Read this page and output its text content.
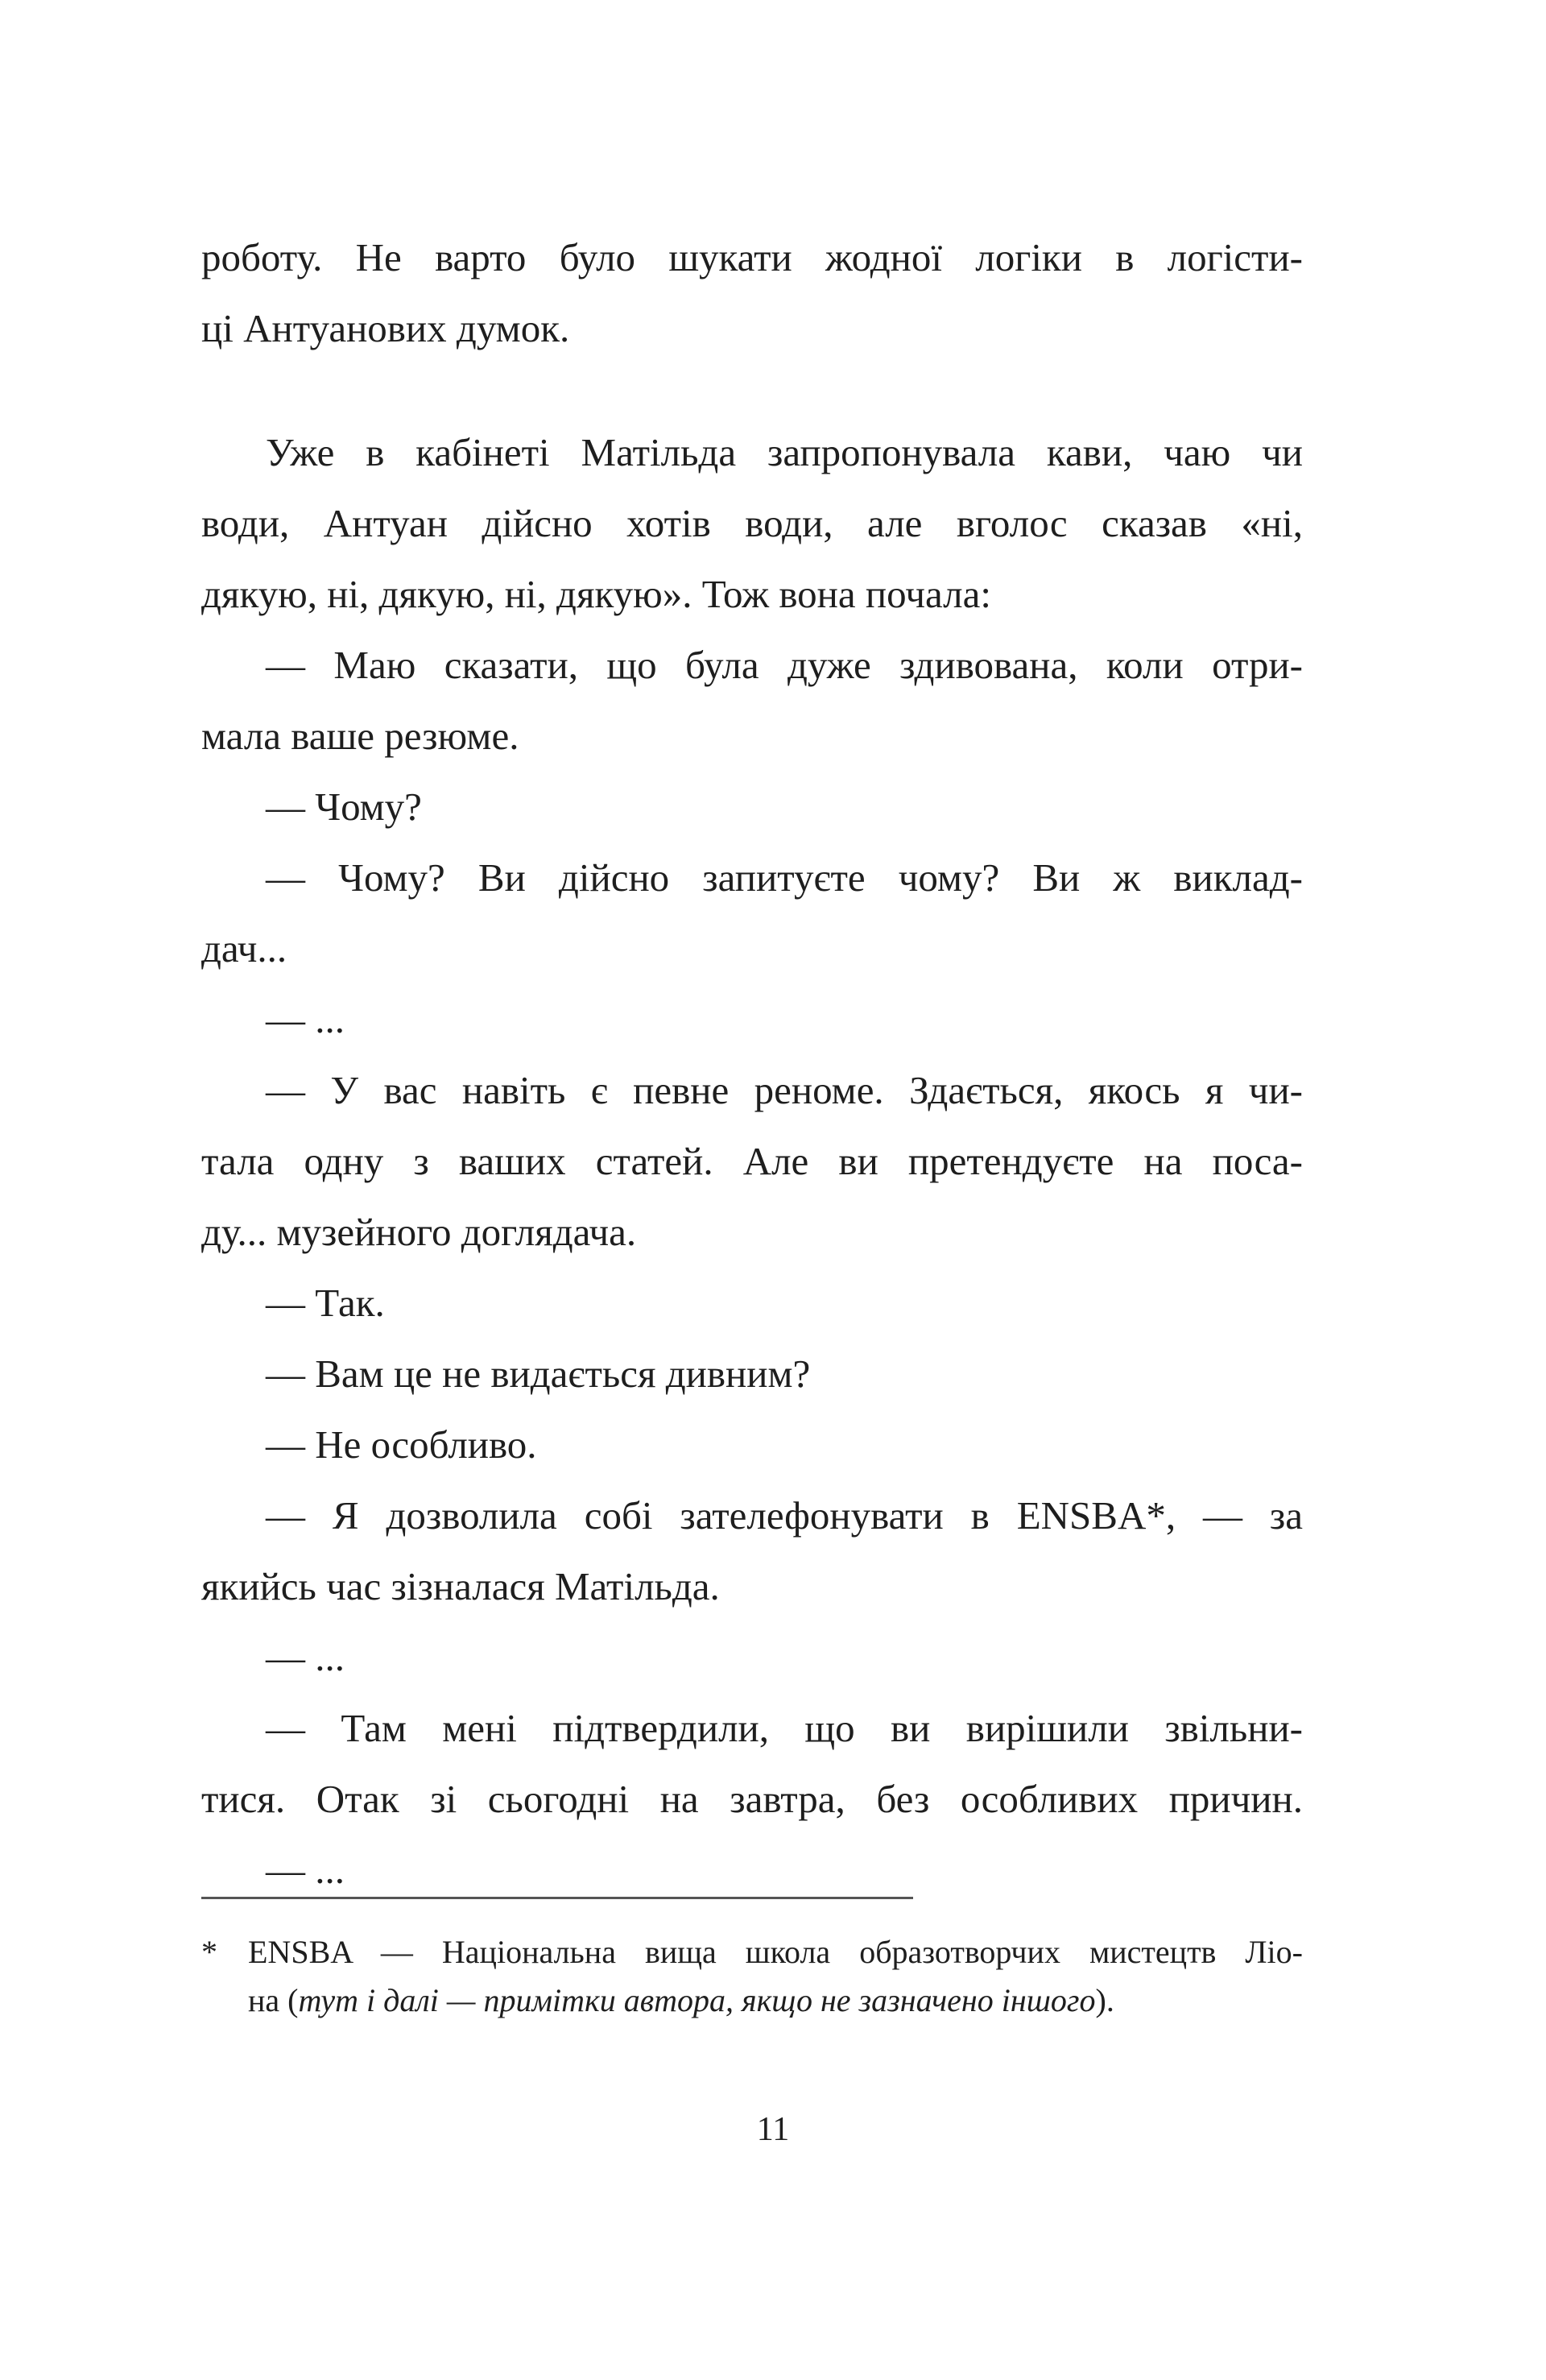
роботу. Не варто було шукати жодної логіки в логісти-
ці Антуанових думок.
Уже в кабінеті Матільда запропонувала кави, чаю чи
води, Антуан дійсно хотів води, але вголос сказав «ні,
дякую, ні, дякую, ні, дякую». Тож вона почала:
— Маю сказати, що була дуже здивована, коли отри-
мала ваше резюме.
— Чому?
— Чому? Ви дійсно запитуєте чому? Ви ж виклад-
дач...
— ...
— У вас навіть є певне реноме. Здається, якось я чи-
тала одну з ваших статей. Але ви претендуєте на поса-
ду... музейного доглядача.
— Так.
— Вам це не видається дивним?
— Не особливо.
— Я дозволила собі зателефонувати в ENSBA*, — за
якийсь час зізналася Матільда.
— ...
— Там мені підтвердили, що ви вирішили звільни-
тися. Отак зі сьогодні на завтра, без особливих причин.
— ...
* ENSBA — Національна вища школа образотворчих мистецтв Ліо-
на (тут і далі — примітки автора, якщо не зазначено іншого).
11
